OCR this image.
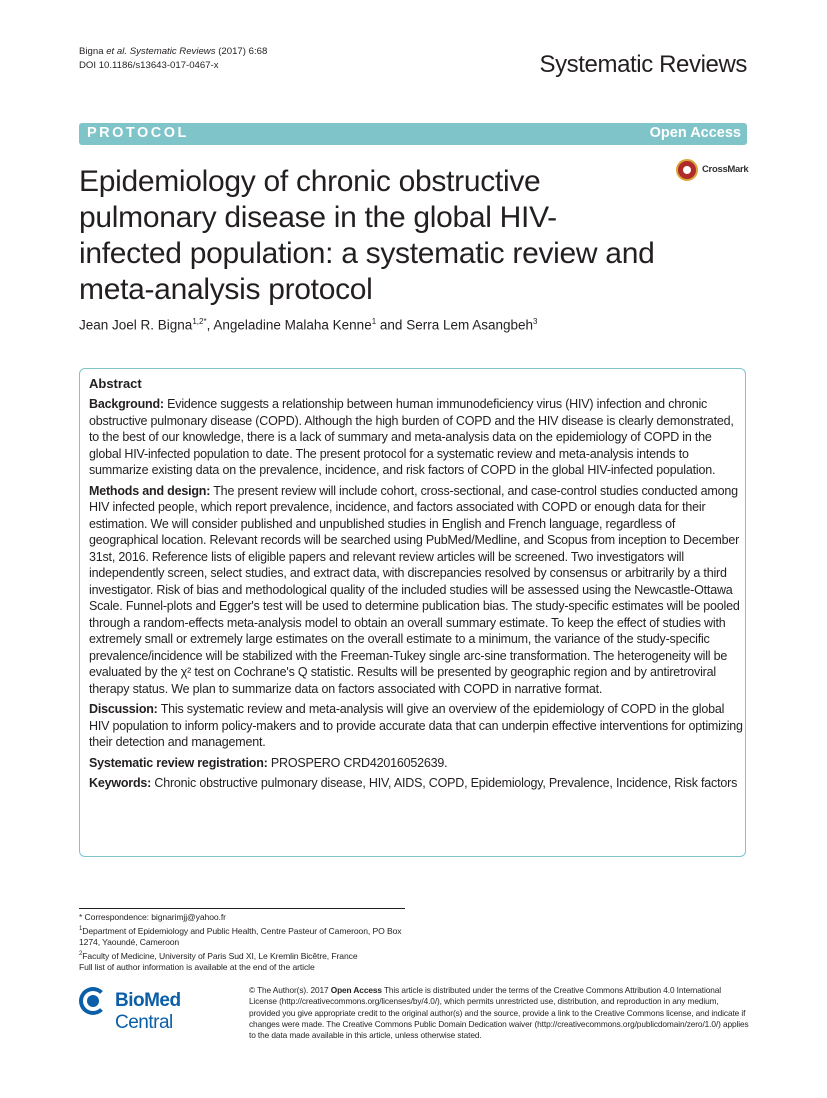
Bigna et al. Systematic Reviews (2017) 6:68
DOI 10.1186/s13643-017-0467-x	Systematic Reviews
PROTOCOL	Open Access
CrossMark
Epidemiology of chronic obstructive pulmonary disease in the global HIV-infected population: a systematic review and meta-analysis protocol
Jean Joel R. Bigna$^{1,2*}$, Angeladine Malaha Kenne$^1$ and Serra Lem Asangbeh$^3$
Abstract

Background: Evidence suggests a relationship between human immunodeficiency virus (HIV) infection and chronic obstructive pulmonary disease (COPD). Although the high burden of COPD and the HIV disease is clearly demonstrated, to the best of our knowledge, there is a lack of summary and meta-analysis data on the epidemiology of COPD in the global HIV-infected population to date. The present protocol for a systematic review and meta-analysis intends to summarize existing data on the prevalence, incidence, and risk factors of COPD in the global HIV-infected population.

Methods and design: The present review will include cohort, cross-sectional, and case-control studies conducted among HIV infected people, which report prevalence, incidence, and factors associated with COPD or enough data for their estimation. We will consider published and unpublished studies in English and French language, regardless of geographical location. Relevant records will be searched using PubMed/Medline, and Scopus from inception to December 31st, 2016. Reference lists of eligible papers and relevant review articles will be screened. Two investigators will independently screen, select studies, and extract data, with discrepancies resolved by consensus or arbitrarily by a third investigator. Risk of bias and methodological quality of the included studies will be assessed using the Newcastle-Ottawa Scale. Funnel-plots and Egger's test will be used to determine publication bias. The study-specific estimates will be pooled through a random-effects meta-analysis model to obtain an overall summary estimate. To keep the effect of studies with extremely small or extremely large estimates on the overall estimate to a minimum, the variance of the study-specific prevalence/incidence will be stabilized with the Freeman-Tukey single arc-sine transformation. The heterogeneity will be evaluated by the χ² test on Cochrane's Q statistic. Results will be presented by geographic region and by antiretroviral therapy status. We plan to summarize data on factors associated with COPD in narrative format.

Discussion: This systematic review and meta-analysis will give an overview of the epidemiology of COPD in the global HIV population to inform policy-makers and to provide accurate data that can underpin effective interventions for optimizing their detection and management.

Systematic review registration: PROSPERO CRD42016052639.

Keywords: Chronic obstructive pulmonary disease, HIV, AIDS, COPD, Epidemiology, Prevalence, Incidence, Risk factors

* Correspondence: bignarimjj@yahoo.fr
$^1$Department of Epidemiology and Public Health, Centre Pasteur of Cameroon, PO Box 1274, Yaoundé, Cameroon
$^2$Faculty of Medicine, University of Paris Sud XI, Le Kremlin Bicêtre, France
Full list of author information is available at the end of the article
BioMed Central
© The Author(s). 2017 Open Access This article is distributed under the terms of the Creative Commons Attribution 4.0 International License (http://creativecommons.org/licenses/by/4.0/), which permits unrestricted use, distribution, and reproduction in any medium, provided you give appropriate credit to the original author(s) and the source, provide a link to the Creative Commons license, and indicate if changes were made. The Creative Commons Public Domain Dedication waiver (http://creativecommons.org/publicdomain/zero/1.0/) applies to the data made available in this article, unless otherwise stated.
